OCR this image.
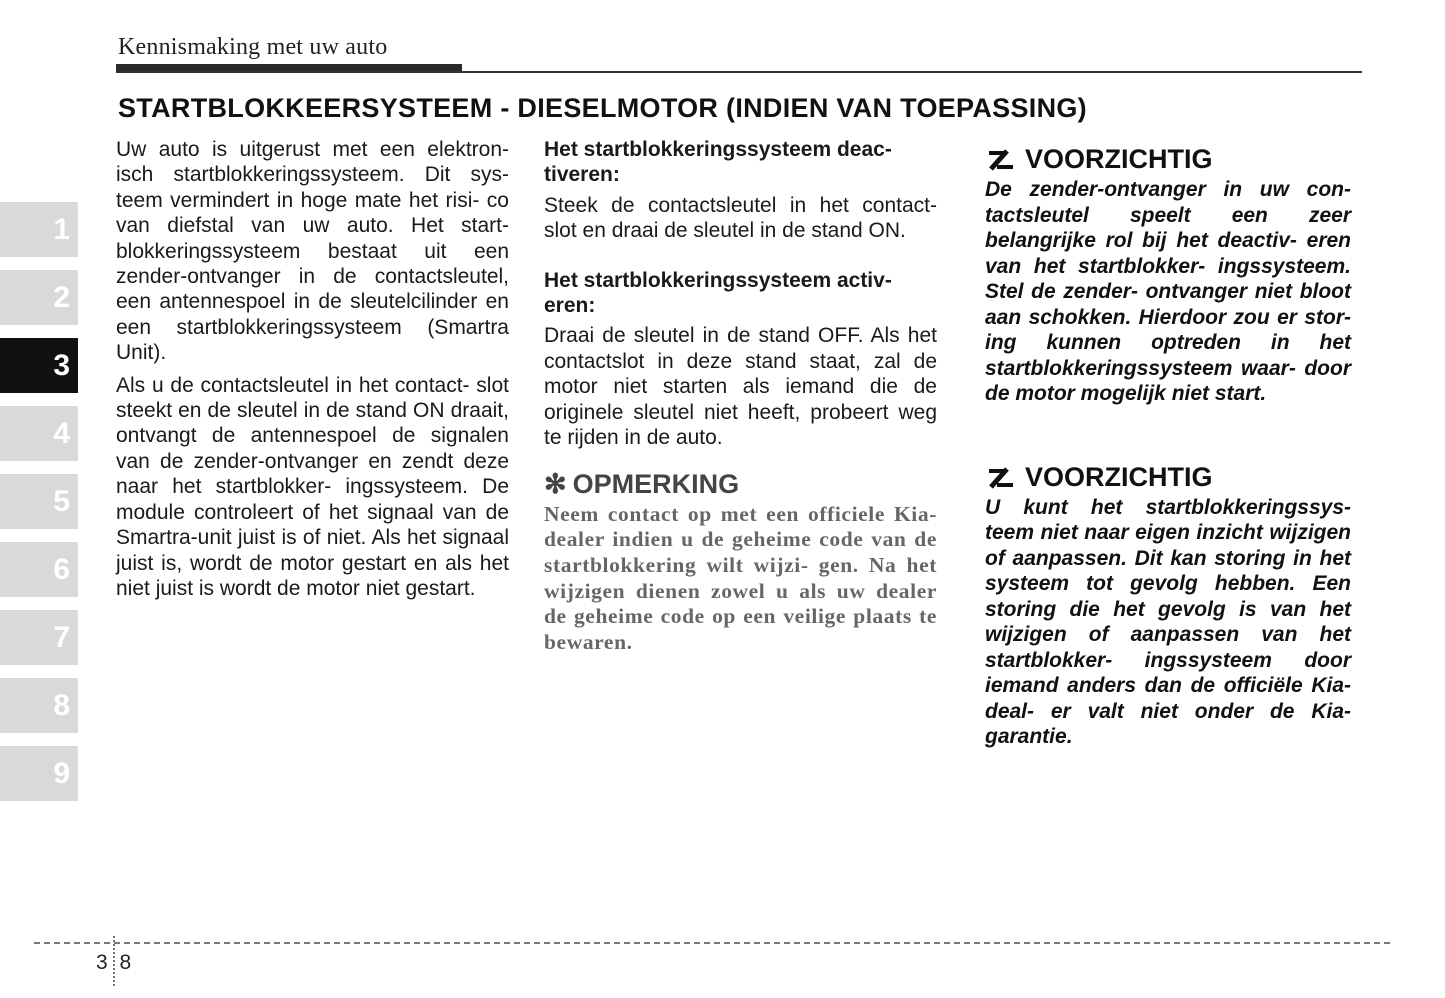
Kennismaking met uw auto
STARTBLOKKEERSYSTEEM - DIESELMOTOR (INDIEN VAN TOEPASSING)
1
2
3
4
5
6
7
8
9

Uw auto is uitgerust met een elektron- isch startblokkeringssysteem. Dit sys- teem vermindert in hoge mate het risi- co van diefstal van uw auto. Het start- blokkeringssysteem bestaat uit een zender-ontvanger in de contactsleutel, een antennespoel in de sleutelcilinder en een startblokkeringssysteem (Smartra Unit).

Als u de contactsleutel in het contact- slot steekt en de sleutel in de stand ON draait, ontvangt de antennespoel de signalen van de zender-ontvanger en zendt deze naar het startblokker- ingssysteem. De module controleert of het signaal van de Smartra-unit juist is of niet. Als het signaal juist is, wordt de motor gestart en als het niet juist is wordt de motor niet gestart.

Het startblokkeringssysteem deac- tiveren:

Steek de contactsleutel in het contact- slot en draai de sleutel in de stand ON.

Het startblokkeringssysteem activ- eren:

Draai de sleutel in de stand OFF. Als het contactslot in deze stand staat, zal de motor niet starten als iemand die de originele sleutel niet heeft, probeert weg te rijden in de auto.

✻ OPMERKING

Neem contact op met een officiele Kia-dealer indien u de geheime code van de startblokkering wilt wijzi- gen. Na het wijzigen dienen zowel u als uw dealer de geheime code op een veilige plaats te bewaren.

VOORZICHTIG

De zender-ontvanger in uw con- tactsleutel speelt een zeer belangrijke rol bij het deactiv- eren van het startblokker- ingssysteem. Stel de zender- ontvanger niet bloot aan schokken. Hierdoor zou er stor- ing kunnen optreden in het startblokkeringssysteem waar- door de motor mogelijk niet start.

VOORZICHTIG

U kunt het startblokkeringssys- teem niet naar eigen inzicht wijzigen of aanpassen. Dit kan storing in het systeem tot gevolg hebben. Een storing die het gevolg is van het wijzigen of aanpassen van het startblokker- ingssysteem door iemand anders dan de officiële Kia-deal- er valt niet onder de Kia- garantie.

3 8
